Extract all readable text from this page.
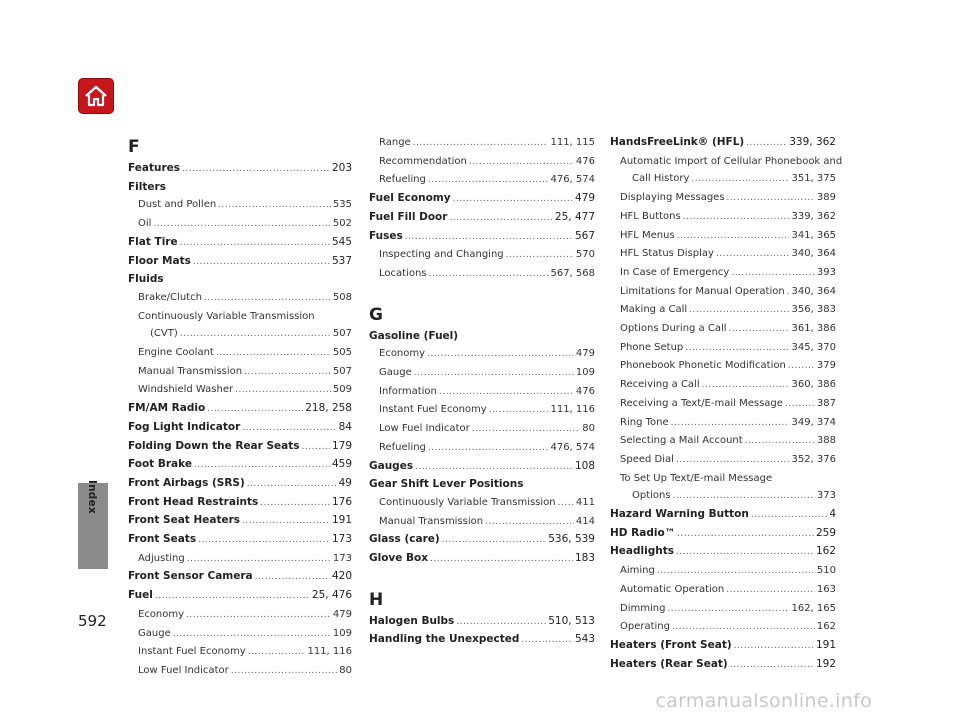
Index
F
Features .....	203
Filters
Dust and Pollen .....	535
Oil .....	502
Flat Tire .....	545
Floor Mats .....	537
Fluids
Brake/Clutch .....	508
Continuously Variable Transmission
(CVT) .....	507
Engine Coolant .....	505
Manual Transmission .....	507
Windshield Washer .....	509
FM/AM Radio .....	218, 258
Fog Light Indicator .....	84
Folding Down the Rear Seats .....	179
Foot Brake .....	459
Front Airbags (SRS) .....	49
Front Head Restraints .....	176
Front Seat Heaters .....	191
Front Seats .....	173
Adjusting .....	173
Front Sensor Camera .....	420
Fuel .....	25, 476
Economy .....	479
Gauge .....	109
Instant Fuel Economy .....	111, 116
Low Fuel Indicator .....	80
Range .....	111, 115
Recommendation .....	476
Refueling .....	476, 574
Fuel Economy .....	479
Fuel Fill Door .....	25, 477
Fuses .....	567
Inspecting and Changing .....	570
Locations .....	567, 568
G
Gasoline (Fuel)
Economy .....	479
Gauge .....	109
Information .....	476
Instant Fuel Economy .....	111, 116
Low Fuel Indicator .....	80
Refueling .....	476, 574
Gauges .....	108
Gear Shift Lever Positions
Continuously Variable Transmission ..... 411
Manual Transmission .....	414
Glass (care) .....	536, 539
Glove Box .....	183
H
Halogen Bulbs .....	510, 513
Handling the Unexpected .....	543
HandsFreeLink® (HFL) .....	339, 362
Automatic Import of Cellular Phonebook and
Call History .....	351, 375
Displaying Messages .....	389
HFL Buttons .....	339, 362
HFL Menus .....	341, 365
HFL Status Display .....	340, 364
In Case of Emergency .....	393
Limitations for Manual Operation ..... 340, 364
Making a Call .....	356, 383
Options During a Call .....	361, 386
Phone Setup .....	345, 370
Phonebook Phonetic Modification .....	379
Receiving a Call .....	360, 386
Receiving a Text/E-mail Message .....	387
Ring Tone .....	349, 374
Selecting a Mail Account .....	388
Speed Dial .....	352, 376
To Set Up Text/E-mail Message
Options .....	373
Hazard Warning Button .....	4
HD Radio™ .....	259
Headlights .....	162
Aiming .....	510
Automatic Operation .....	163
Dimming .....	162, 165
Operating .....	162
Heaters (Front Seat) .....	191
Heaters (Rear Seat) .....	192
592
carmanualsonline.info
